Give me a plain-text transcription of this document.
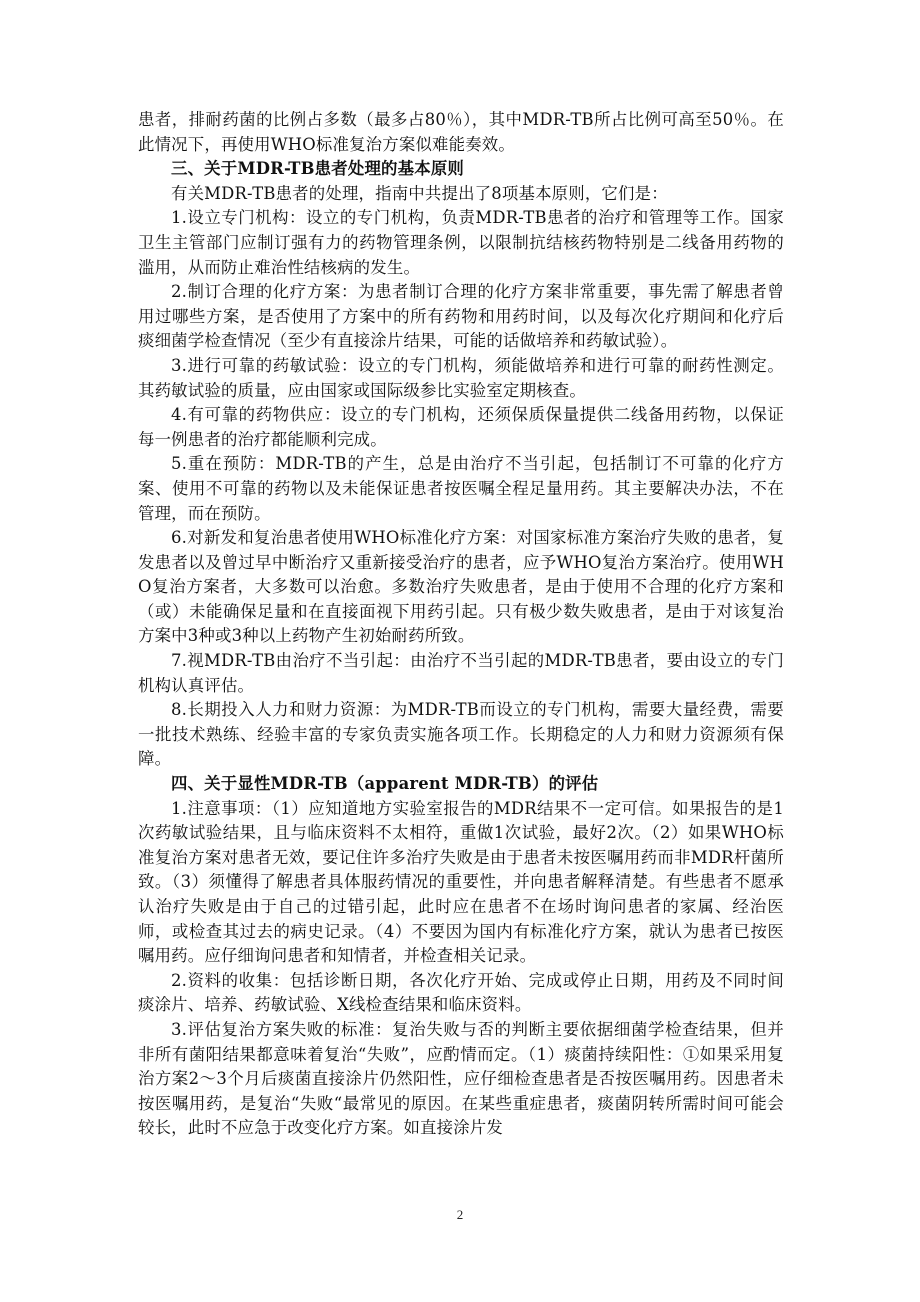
患者，排耐药菌的比例占多数（最多占80％），其中MDR-TB所占比例可高至50％。在此情况下，再使用WHO标准复治方案似难能奏效。

三、关于MDR-TB患者处理的基本原则

有关MDR-TB患者的处理，指南中共提出了8项基本原则，它们是：

1.设立专门机构：设立的专门机构，负责MDR-TB患者的治疗和管理等工作。国家卫生主管部门应制订强有力的药物管理条例，以限制抗结核药物特别是二线备用药物的滥用，从而防止难治性结核病的发生。

2.制订合理的化疗方案：为患者制订合理的化疗方案非常重要，事先需了解患者曾用过哪些方案，是否使用了方案中的所有药物和用药时间，以及每次化疗期间和化疗后痰细菌学检查情况（至少有直接涂片结果，可能的话做培养和药敏试验）。

3.进行可靠的药敏试验：设立的专门机构，须能做培养和进行可靠的耐药性测定。其药敏试验的质量，应由国家或国际级参比实验室定期核查。

4.有可靠的药物供应：设立的专门机构，还须保质保量提供二线备用药物，以保证每一例患者的治疗都能顺利完成。

5.重在预防：MDR-TB的产生，总是由治疗不当引起，包括制订不可靠的化疗方案、使用不可靠的药物以及未能保证患者按医嘱全程足量用药。其主要解决办法，不在管理，而在预防。

6.对新发和复治患者使用WHO标准化疗方案：对国家标准方案治疗失败的患者，复发患者以及曾过早中断治疗又重新接受治疗的患者，应予WHO复治方案治疗。使用WHO复治方案者，大多数可以治愈。多数治疗失败患者，是由于使用不合理的化疗方案和（或）未能确保足量和在直接面视下用药引起。只有极少数失败患者，是由于对该复治方案中3种或3种以上药物产生初始耐药所致。

7.视MDR-TB由治疗不当引起：由治疗不当引起的MDR-TB患者，要由设立的专门机构认真评估。

8.长期投入人力和财力资源：为MDR-TB而设立的专门机构，需要大量经费，需要一批技术熟练、经验丰富的专家负责实施各项工作。长期稳定的人力和财力资源须有保障。

四、关于显性MDR-TB（apparent MDR-TB）的评估

1.注意事项：（1）应知道地方实验室报告的MDR结果不一定可信。如果报告的是1次药敏试验结果，且与临床资料不太相符，重做1次试验，最好2次。（2）如果WHO标准复治方案对患者无效，要记住许多治疗失败是由于患者未按医嘱用药而非MDR杆菌所致。（3）须懂得了解患者具体服药情况的重要性，并向患者解释清楚。有些患者不愿承认治疗失败是由于自己的过错引起，此时应在患者不在场时询问患者的家属、经治医师，或检查其过去的病史记录。（4）不要因为国内有标准化疗方案，就认为患者已按医嘱用药。应仔细询问患者和知情者，并检查相关记录。

2.资料的收集：包括诊断日期，各次化疗开始、完成或停止日期，用药及不同时间痰涂片、培养、药敏试验、X线检查结果和临床资料。

3.评估复治方案失败的标准：复治失败与否的判断主要依据细菌学检查结果，但并非所有菌阳结果都意味着复治“失败”，应酌情而定。（1）痰菌持续阳性：①如果采用复治方案2～3个月后痰菌直接涂片仍然阳性，应仔细检查患者是否按医嘱用药。因患者未按医嘱用药，是复治“失败“最常见的原因。在某些重症患者，痰菌阴转所需时间可能会较长，此时不应急于改变化疗方案。如直接涂片发

2
